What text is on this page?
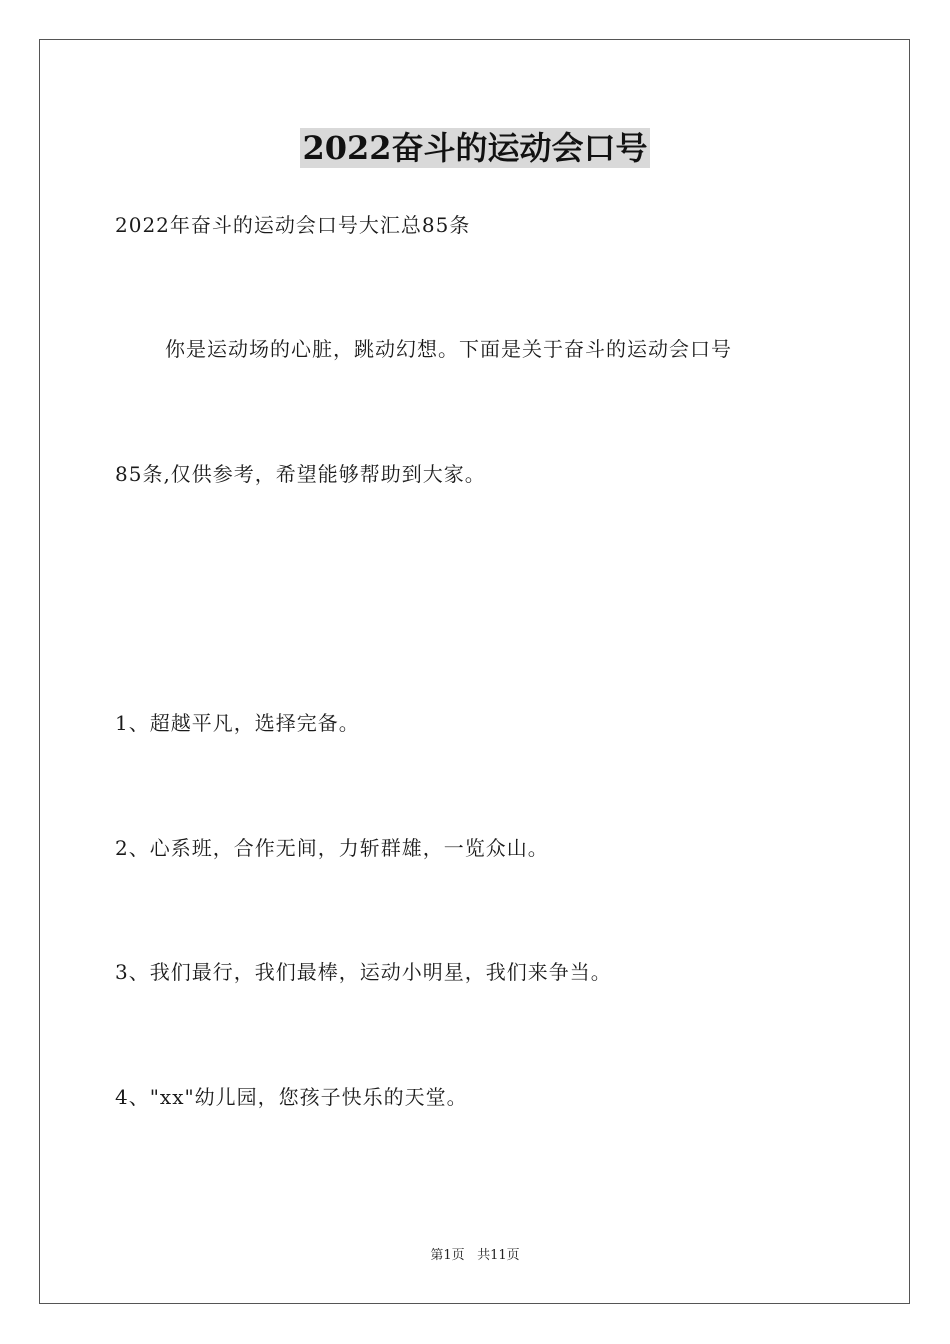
2022奋斗的运动会口号
2022年奋斗的运动会口号大汇总85条
你是运动场的心脏，跳动幻想。下面是关于奋斗的运动会口号
85条,仅供参考，希望能够帮助到大家。
1、超越平凡，选择完备。
2、心系班，合作无间，力斩群雄，一览众山。
3、我们最行，我们最棒，运动小明星，我们来争当。
4、"xx"幼儿园，您孩子快乐的天堂。
第1页 共11页
